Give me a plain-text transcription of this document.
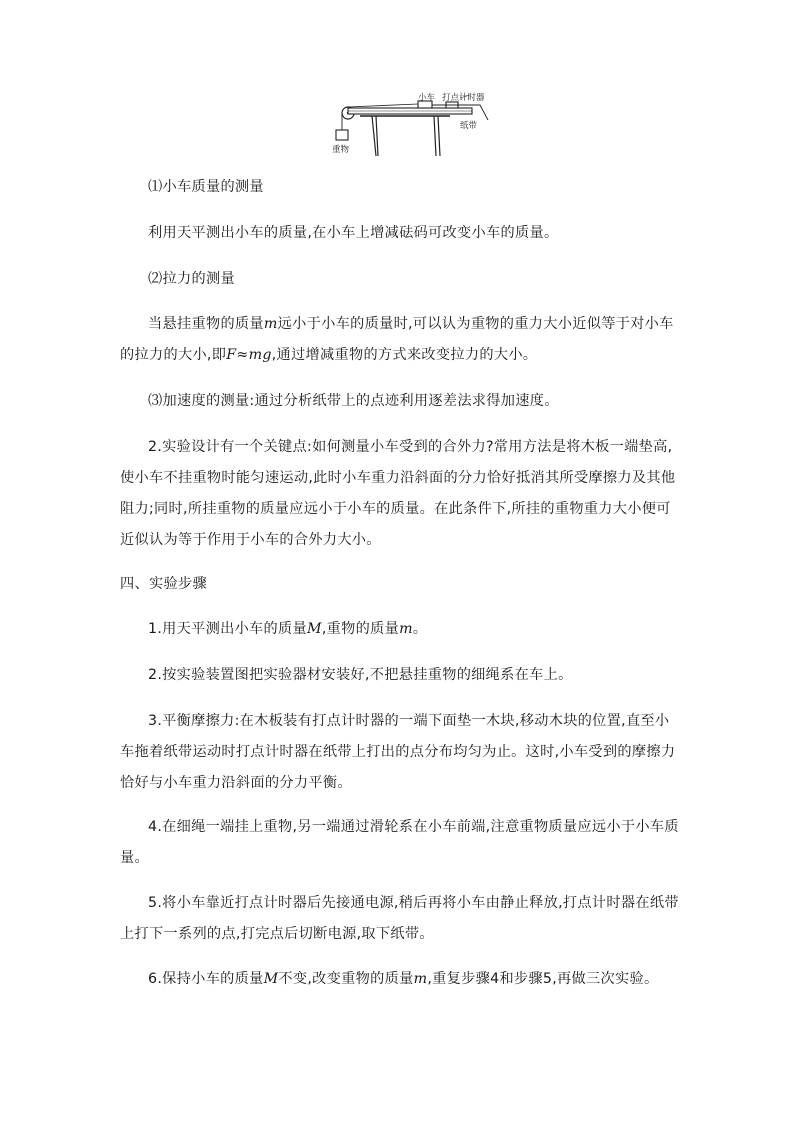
小车 打点计时器
纸带
重物

⑴小车质量的测量

利用天平测出小车的质量,在小车上增减砝码可改变小车的质量。

⑵拉力的测量

当悬挂重物的质量m远小于小车的质量时,可以认为重物的重力大小近似等于对小车的拉力的大小,即F≈mg,通过增减重物的方式来改变拉力的大小。

⑶加速度的测量:通过分析纸带上的点迹利用逐差法求得加速度。

2.实验设计有一个关键点:如何测量小车受到的合外力?常用方法是将木板一端垫高,使小车不挂重物时能匀速运动,此时小车重力沿斜面的分力恰好抵消其所受摩擦力及其他阻力;同时,所挂重物的质量应远小于小车的质量。在此条件下,所挂的重物重力大小便可近似认为等于作用于小车的合外力大小。

四、实验步骤

1.用天平测出小车的质量M,重物的质量m。

2.按实验装置图把实验器材安装好,不把悬挂重物的细绳系在车上。

3.平衡摩擦力:在木板装有打点计时器的一端下面垫一木块,移动木块的位置,直至小车拖着纸带运动时打点计时器在纸带上打出的点分布均匀为止。这时,小车受到的摩擦力恰好与小车重力沿斜面的分力平衡。

4.在细绳一端挂上重物,另一端通过滑轮系在小车前端,注意重物质量应远小于小车质量。

5.将小车靠近打点计时器后先接通电源,稍后再将小车由静止释放,打点计时器在纸带上打下一系列的点,打完点后切断电源,取下纸带。

6.保持小车的质量M不变,改变重物的质量m,重复步骤4和步骤5,再做三次实验。
